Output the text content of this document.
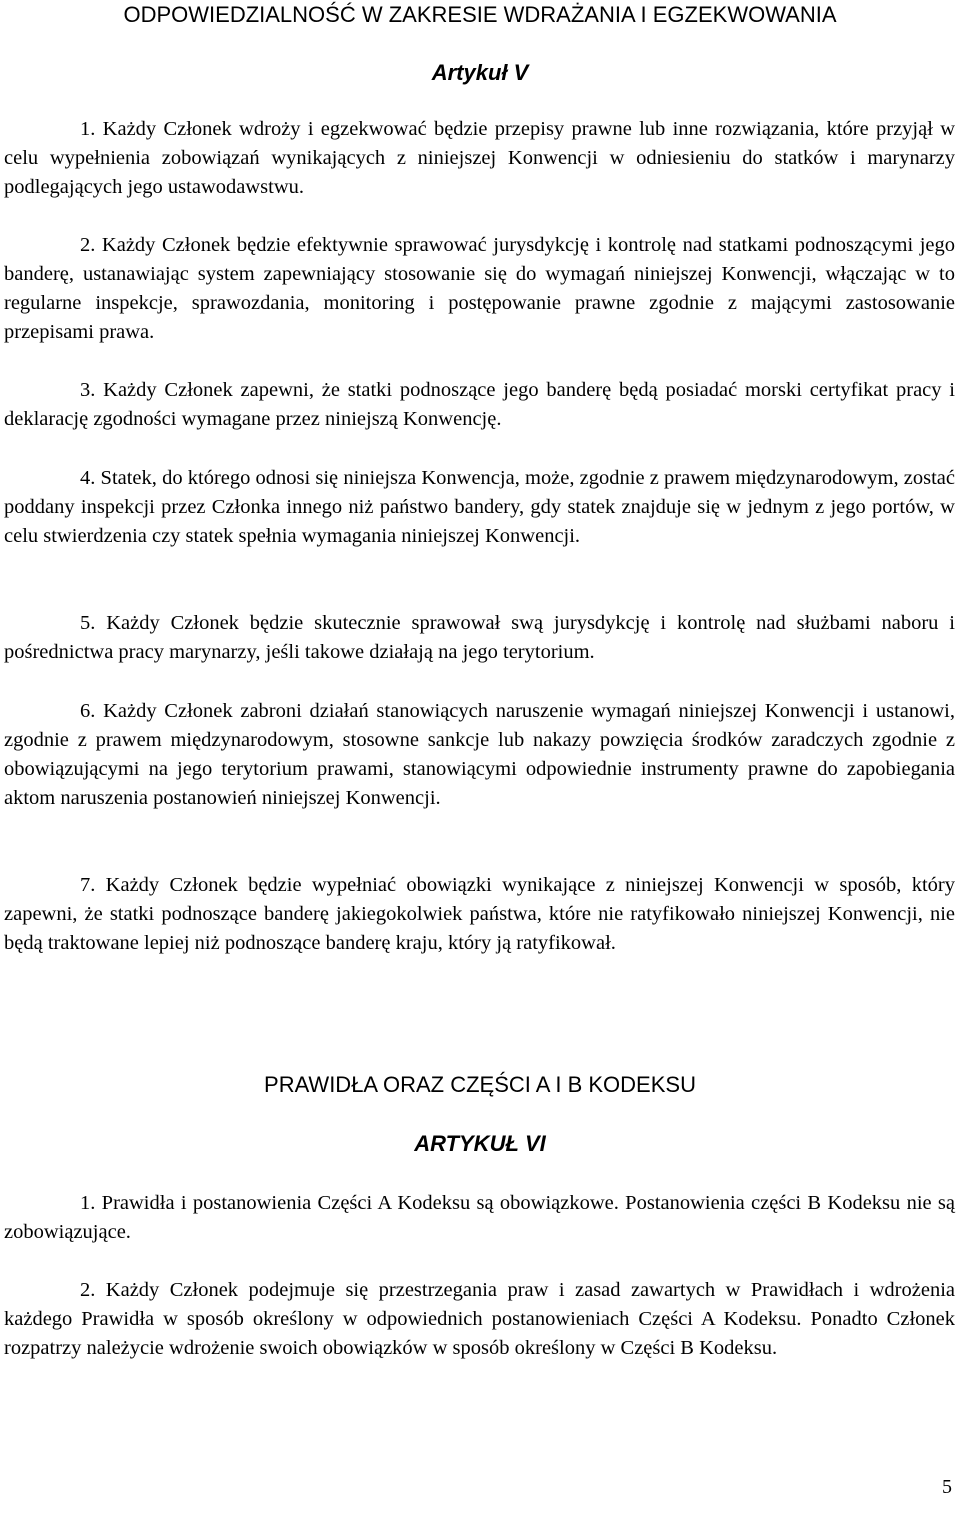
ODPOWIEDZIALNOŚĆ W ZAKRESIE WDRAŻANIA I EGZEKWOWANIA
Artykuł V

1. Każdy Członek wdroży i egzekwować będzie przepisy prawne lub inne rozwiązania, które przyjął w celu wypełnienia zobowiązań wynikających z niniejszej Konwencji w odniesieniu do statków i marynarzy podlegających jego ustawodawstwu.

2. Każdy Członek będzie efektywnie sprawować jurysdykcję i kontrolę nad statkami podnoszącymi jego banderę, ustanawiając system zapewniający stosowanie się do wymagań niniejszej Konwencji, włączając w to regularne inspekcje, sprawozdania, monitoring i postępowanie prawne zgodnie z mającymi zastosowanie przepisami prawa.

3. Każdy Członek zapewni, że statki podnoszące jego banderę będą posiadać morski certyfikat pracy i deklarację zgodności wymagane przez niniejszą Konwencję.

4. Statek, do którego odnosi się niniejsza Konwencja, może, zgodnie z prawem międzynarodowym, zostać poddany inspekcji przez Członka innego niż państwo bandery, gdy statek znajduje się w jednym z jego portów, w celu stwierdzenia czy statek spełnia wymagania niniejszej Konwencji.

5. Każdy Członek będzie skutecznie sprawował swą jurysdykcję i kontrolę nad służbami naboru i pośrednictwa pracy marynarzy, jeśli takowe działają na jego terytorium.

6. Każdy Członek zabroni działań stanowiących naruszenie wymagań niniejszej Konwencji i ustanowi, zgodnie z prawem międzynarodowym, stosowne sankcje lub nakazy powzięcia środków zaradczych zgodnie z obowiązującymi na jego terytorium prawami, stanowiącymi odpowiednie instrumenty prawne do zapobiegania aktom naruszenia postanowień niniejszej Konwencji.

7. Każdy Członek będzie wypełniać obowiązki wynikające z niniejszej Konwencji w sposób, który zapewni, że statki podnoszące banderę jakiegokolwiek państwa, które nie ratyfikowało niniejszej Konwencji, nie będą traktowane lepiej niż podnoszące banderę kraju, który ją ratyfikował.

PRAWIDŁA ORAZ CZĘŚCI A I B KODEKSU
ARTYKUŁ VI

1. Prawidła i postanowienia Części A Kodeksu są obowiązkowe. Postanowienia części B Kodeksu nie są zobowiązujące.

2. Każdy Członek podejmuje się przestrzegania praw i zasad zawartych w Prawidłach i wdrożenia każdego Prawidła w sposób określony w odpowiednich postanowieniach Części A Kodeksu. Ponadto Członek rozpatrzy należycie wdrożenie swoich obowiązków w sposób określony w Części B Kodeksu.

5
